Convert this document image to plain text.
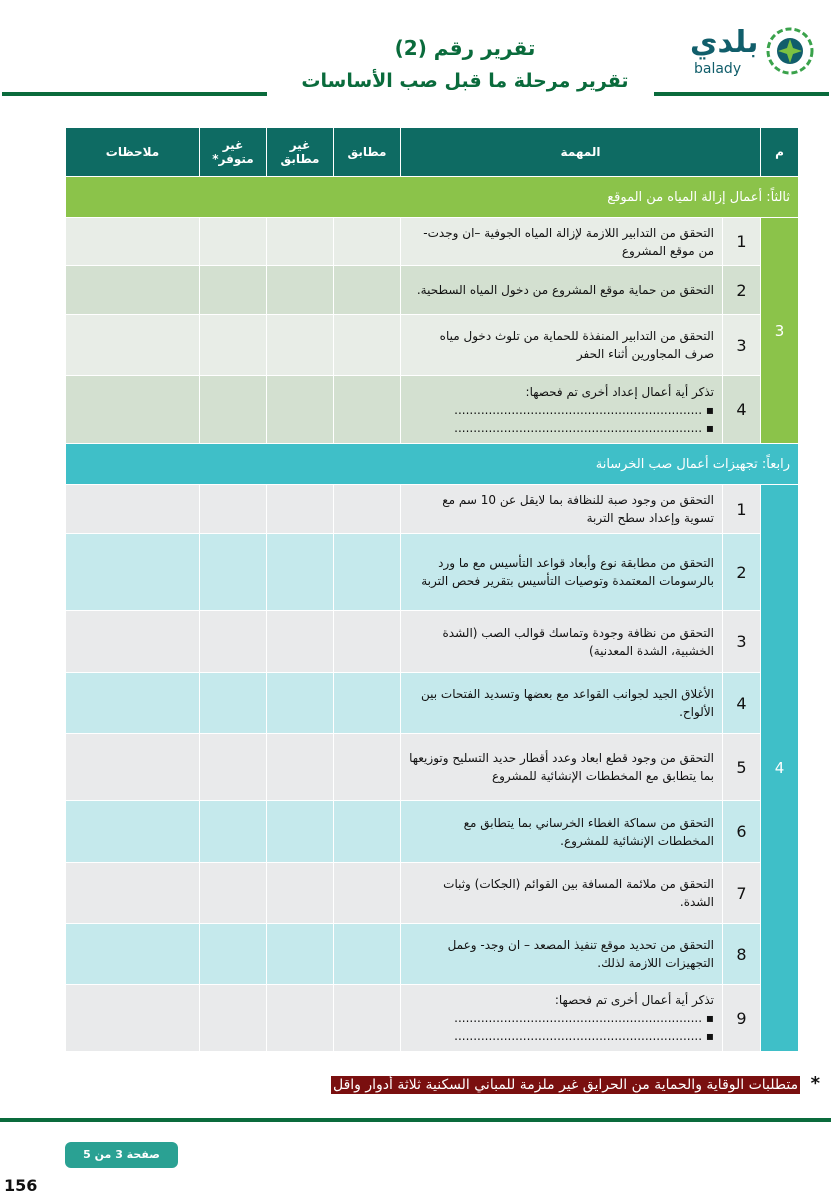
تقرير رقم (2)
تقرير مرحلة ما قبل صب الأساسات
بلدي
balady
م	المهمة		مطابق	غير مطابق	غير متوفر*	ملاحظات
ثالثاً: أعمال إزالة المياه من الموقع						
3	1	التحقق من التدابير اللازمة لإزالة المياه الجوفية –ان وجدت- من موقع المشروع				
	2	التحقق من حماية موقع المشروع من دخول المياه السطحية.				
	3	التحقق من التدابير المنفذة للحماية من تلوث دخول مياه صرف المجاورين أثناء الحفر				
	4	تذكر أية أعمال إعداد أخرى تم فحصها:
▪ .................................................................
▪ .................................................................				

رابعاً: تجهيزات أعمال صب الخرسانة						
4	1	التحقق من وجود صبة للنظافة بما لايقل عن 10 سم مع تسوية وإعداد سطح التربة				
	2	التحقق من مطابقة نوع وأبعاد قواعد التأسيس مع ما ورد بالرسومات المعتمدة وتوصيات التأسيس بتقرير فحص التربة				
	3	التحقق من نظافة وجودة وتماسك قوالب الصب (الشدة الخشبية، الشدة المعدنية)				
	4	الأغلاق الجيد لجوانب القواعد مع بعضها وتسديد الفتحات بين الألواح.				
	5	التحقق من وجود قطع ابعاد وعدد أقطار حديد التسليح وتوزيعها بما يتطابق مع المخططات الإنشائية للمشروع				
	6	التحقق من سماكة الغطاء الخرساني بما يتطابق مع المخططات الإنشائية للمشروع.				
	7	التحقق من ملائمة المسافة بين القوائم (الجكات) وثبات الشدة.				
	8	التحقق من تحديد موقع تنفيذ المصعد – ان وجد- وعمل التجهيزات اللازمة لذلك.				
	9	تذكر أية أعمال أخرى تم فحصها:
▪ .................................................................
▪ .................................................................				

* متطلبات الوقاية والحماية من الحرايق غير ملزمة للمباني السكنية ثلاثة أدوار واقل
صفحة 3 من 5
156
